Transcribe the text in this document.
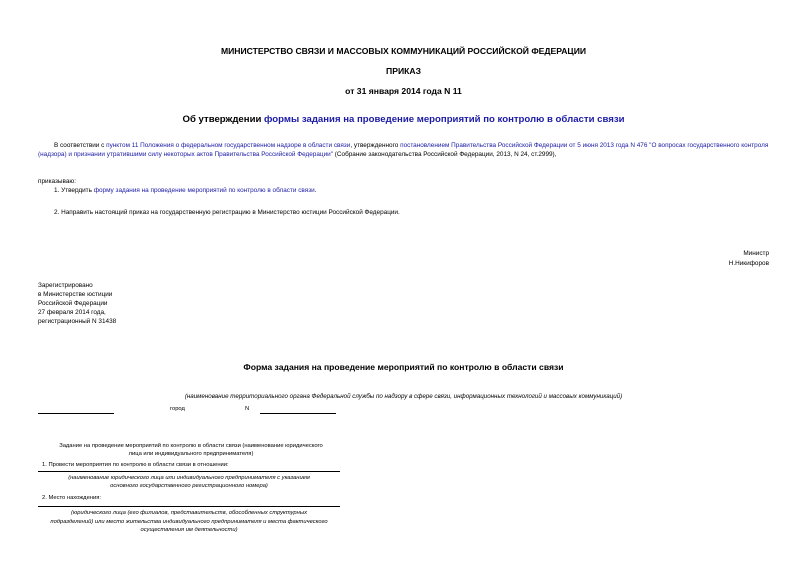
МИНИСТЕРСТВО СВЯЗИ И МАССОВЫХ КОММУНИКАЦИЙ РОССИЙСКОЙ ФЕДЕРАЦИИ
ПРИКАЗ
от 31 января 2014 года N 11
Об утверждении формы задания на проведение мероприятий по контролю в области связи
В соответствии с пунктом 11 Положения о федеральном государственном надзоре в области связи, утвержденного постановлением Правительства Российской Федерации от 5 июня 2013 года N 476 "О вопросах государственного контроля (надзора) и признании утратившими силу некоторых актов Правительства Российской Федерации" (Собрание законодательства Российской Федерации, 2013, N 24, ст.2999),
приказываю:
1. Утвердить форму задания на проведение мероприятий по контролю в области связи.
2. Направить настоящий приказ на государственную регистрацию в Министерство юстиции Российской Федерации.
Министр
Н.Никифоров
Зарегистрировано
в Министерстве юстиции
Российской Федерации
27 февраля 2014 года,
регистрационный N 31438
Форма задания на проведение мероприятий по контролю в области связи
(наименование территориального органа Федеральной службы по надзору в сфере связи, информационных технологий и массовых коммуникаций)
город	N
Задание на проведение мероприятий по контролю в области связи (наименование юридического лица или индивидуального предпринимателя)
1. Провести мероприятия по контролю в области связи в отношении:
(наименование юридического лица или индивидуального предпринимателя с указанием основного государственного регистрационного номера)
2. Место нахождения:
(юридического лица (его филиалов, представительств, обособленных структурных подразделений) или место жительства индивидуального предпринимателя и места фактического осуществления им деятельности)
